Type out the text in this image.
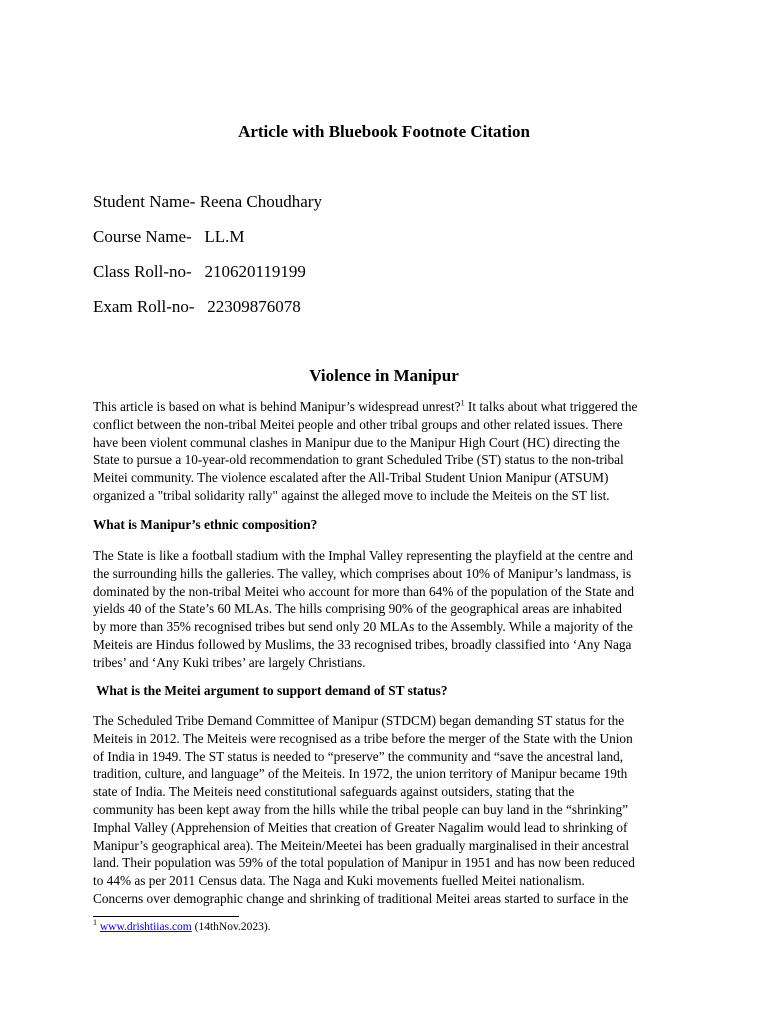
Article with Bluebook Footnote Citation
Student Name- Reena Choudhary
Course Name-   LL.M
Class Roll-no-   210620119199
Exam Roll-no-   22309876078
Violence in Manipur
This article is based on what is behind Manipur’s widespread unrest?$^1$ It talks about what triggered the
conflict between the non-tribal Meitei people and other tribal groups and other related issues. There
have been violent communal clashes in Manipur due to the Manipur High Court (HC) directing the
State to pursue a 10-year-old recommendation to grant Scheduled Tribe (ST) status to the non-tribal
Meitei community. The violence escalated after the All-Tribal Student Union Manipur (ATSUM)
organized a "tribal solidarity rally" against the alleged move to include the Meiteis on the ST list.
What is Manipur’s ethnic composition?
The State is like a football stadium with the Imphal Valley representing the playfield at the centre and
the surrounding hills the galleries. The valley, which comprises about 10% of Manipur’s landmass, is
dominated by the non-tribal Meitei who account for more than 64% of the population of the State and
yields 40 of the State’s 60 MLAs. The hills comprising 90% of the geographical areas are inhabited
by more than 35% recognised tribes but send only 20 MLAs to the Assembly. While a majority of the
Meiteis are Hindus followed by Muslims, the 33 recognised tribes, broadly classified into ‘Any Naga
tribes’ and ‘Any Kuki tribes’ are largely Christians.
What is the Meitei argument to support demand of ST status?
The Scheduled Tribe Demand Committee of Manipur (STDCM) began demanding ST status for the
Meiteis in 2012. The Meiteis were recognised as a tribe before the merger of the State with the Union
of India in 1949. The ST status is needed to “preserve” the community and “save the ancestral land,
tradition, culture, and language” of the Meiteis. In 1972, the union territory of Manipur became 19th
state of India. The Meiteis need constitutional safeguards against outsiders, stating that the
community has been kept away from the hills while the tribal people can buy land in the “shrinking”
Imphal Valley (Apprehension of Meities that creation of Greater Nagalim would lead to shrinking of
Manipur’s geographical area). The Meitein/Meetei has been gradually marginalised in their ancestral
land. Their population was 59% of the total population of Manipur in 1951 and has now been reduced
to 44% as per 2011 Census data. The Naga and Kuki movements fuelled Meitei nationalism.
Concerns over demographic change and shrinking of traditional Meitei areas started to surface in the
$^1$ www.drishtiias.com (14thNov.2023).
